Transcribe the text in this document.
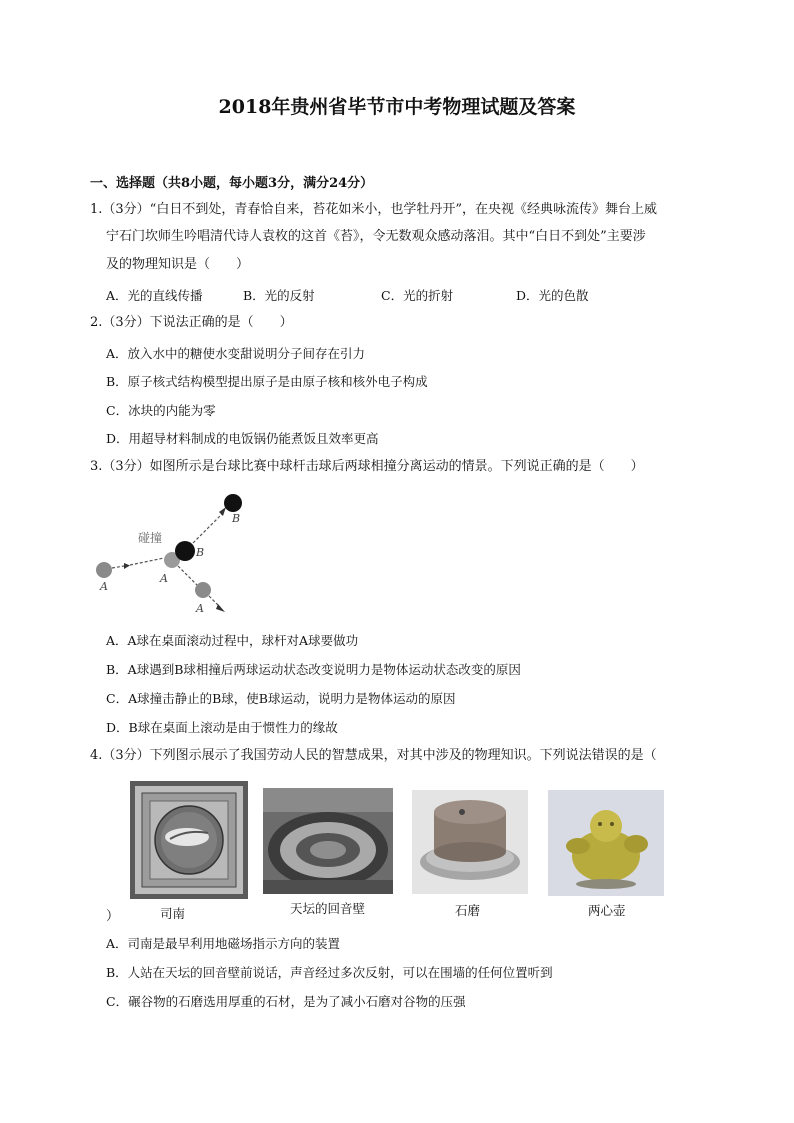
2018年贵州省毕节市中考物理试题及答案
一、选择题（共8小题，每小题3分，满分24分）
1.（3分）“白日不到处，青春恰自来，苔花如米小，也学牡丹开”，在央视《经典咏流传》舞台上威
宁石门坎师生吟唱清代诗人袁枚的这首《苔》，令无数观众感动落泪。其中“白日不到处”主要涉
及的物理知识是（　　）
A．光的直线传播	B．光的反射	C．光的折射	D．光的色散
2.（3分）下说法正确的是（　　）
A．放入水中的糖使水变甜说明分子间存在引力
B．原子核式结构模型提出原子是由原子核和核外电子构成
C．冰块的内能为零
D．用超导材料制成的电饭锅仍能煮饭且效率更高
3.（3分）如图所示是台球比赛中球杆击球后两球相撞分离运动的情景。下列说正确的是（　　）
碰撞
A
A
A
B
B
A．A球在桌面滚动过程中，球杆对A球要做功
B．A球遇到B球相撞后两球运动状态改变说明力是物体运动状态改变的原因
C．A球撞击静止的B球，使B球运动，说明力是物体运动的原因
D．B球在桌面上滚动是由于惯性力的缘故
4.（3分）下列图示展示了我国劳动人民的智慧成果，对其中涉及的物理知识。下列说法错误的是（
司南	天坛的回音壁	石磨	两心壶
）
A．司南是最早利用地磁场指示方向的装置
B．人站在天坛的回音壁前说话，声音经过多次反射，可以在围墙的任何位置听到
C．碾谷物的石磨选用厚重的石材，是为了减小石磨对谷物的压强
